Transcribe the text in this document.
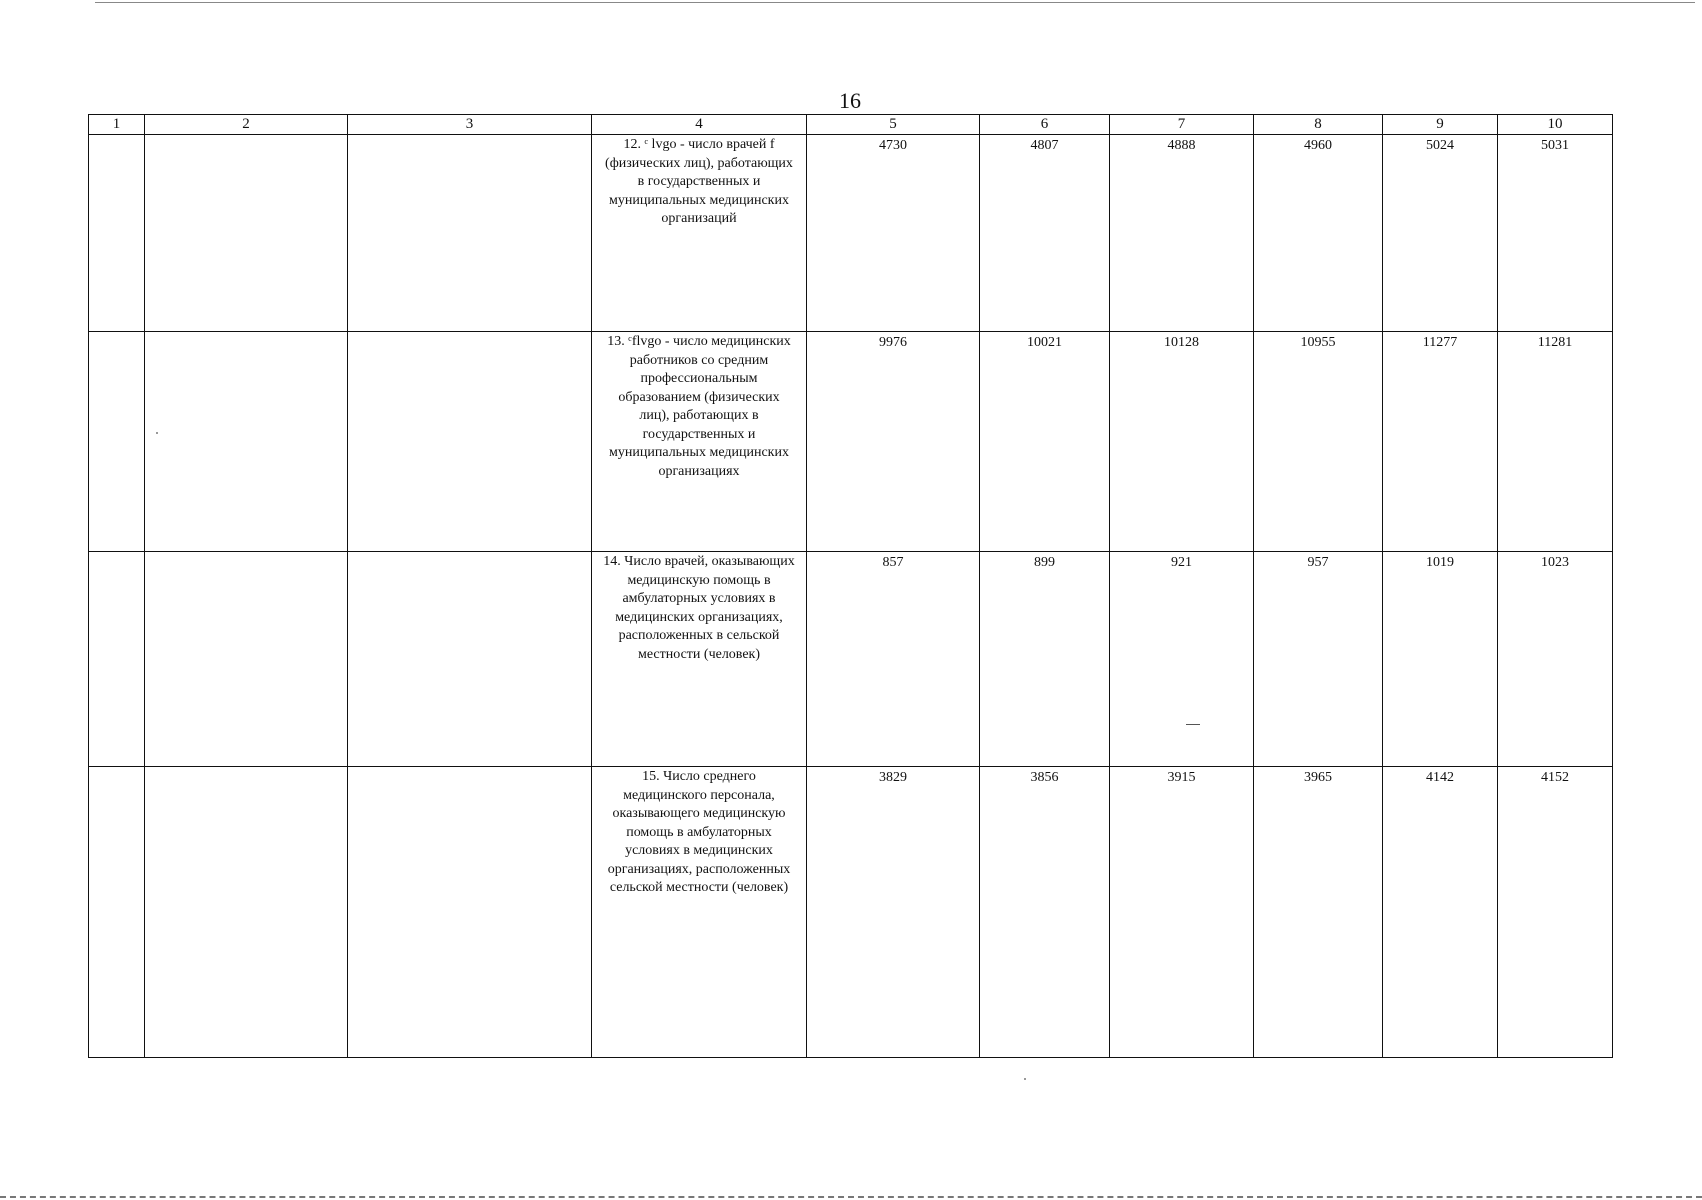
16
1	2	3	4	5	6	7	8	9	10
			12. ᶜ lvgo - число врачей f (физических лиц), работающих в государственных и муниципальных медицинских организаций	4730	4807	4888	4960	5024	5031
			13. ᶜflvgo - число медицинских работников со средним профессиональным образованием (физических лиц), работающих в государственных и муниципальных медицинских организациях	9976	10021	10128	10955	11277	11281
			14. Число врачей, оказывающих медицинскую помощь в амбулаторных условиях в медицинских организациях, расположенных в сельской местности (человек)	857	899	921	957	1019	1023
			15. Число среднего медицинского персонала, оказывающего медицинскую помощь в амбулаторных условиях в медицинских организациях, расположенных сельской местности (человек)	3829	3856	3915	3965	4142	4152
